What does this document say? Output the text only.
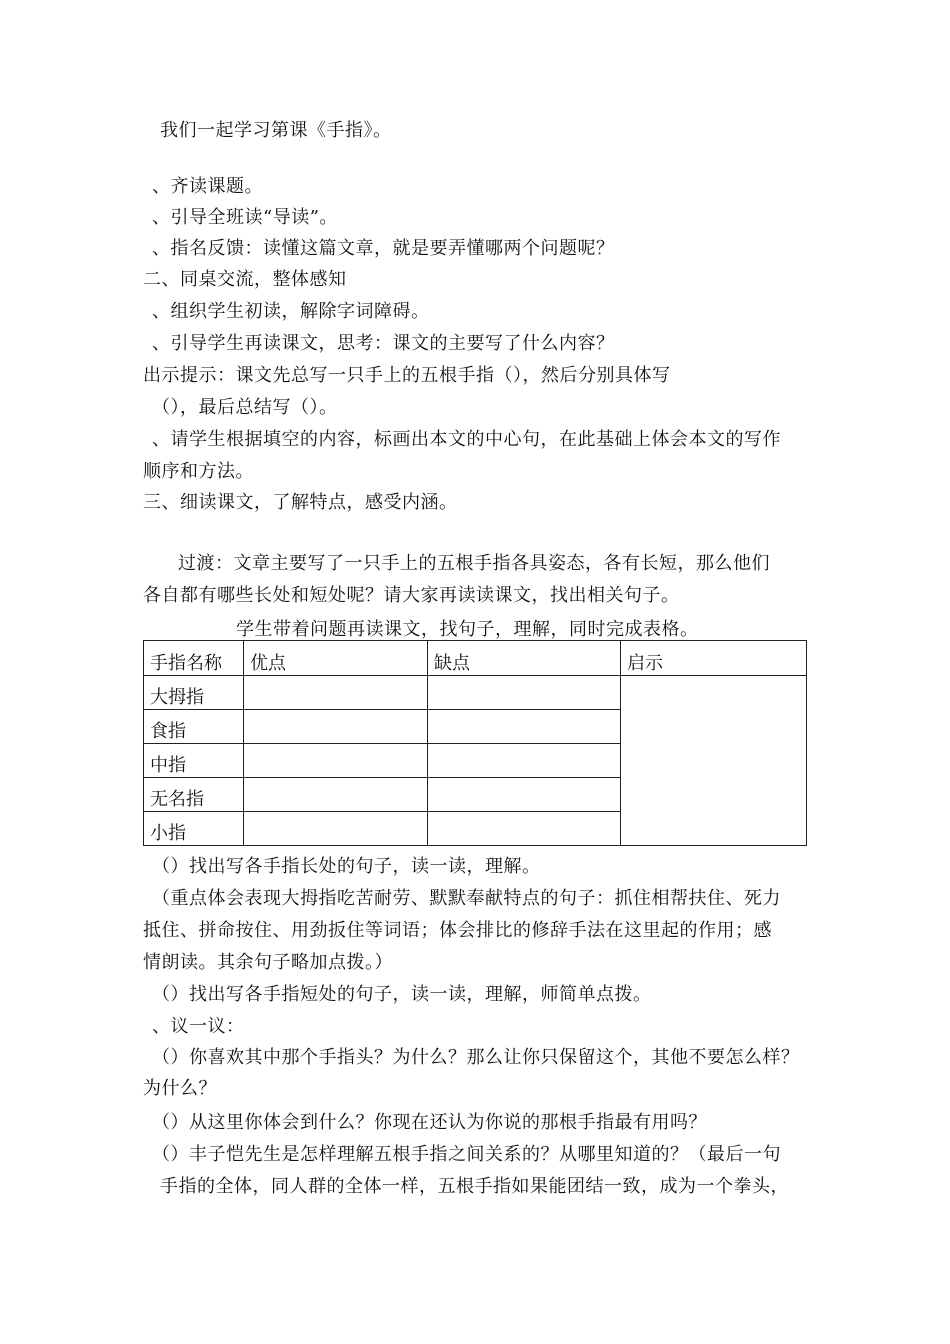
我们一起学习第课《手指》。
、齐读课题。
、引导全班读“导读”。
、指名反馈：读懂这篇文章，就是要弄懂哪两个问题呢？
二、同桌交流，整体感知
、组织学生初读，解除字词障碍。
、引导学生再读课文，思考：课文的主要写了什么内容？
出示提示：课文先总写一只手上的五根手指（），然后分别具体写
（），最后总结写（）。
、请学生根据填空的内容，标画出本文的中心句，在此基础上体会本文的写作
顺序和方法。
三、细读课文，了解特点，感受内涵。
过渡：文章主要写了一只手上的五根手指各具姿态，各有长短，那么他们
各自都有哪些长处和短处呢？请大家再读读课文，找出相关句子。
学生带着问题再读课文，找句子，理解，同时完成表格。
手指名称	优点	缺点	启示
大拇指			
食指			
中指			
无名指			
小指			
（）找出写各手指长处的句子，读一读，理解。
（重点体会表现大拇指吃苦耐劳、默默奉献特点的句子：抓住相帮扶住、死力
抵住、拼命按住、用劲扳住等词语；体会排比的修辞手法在这里起的作用；感
情朗读。其余句子略加点拨。）
（）找出写各手指短处的句子，读一读，理解，师简单点拨。
、议一议：
（）你喜欢其中那个手指头？为什么？那么让你只保留这个，其他不要怎么样？
为什么？
（）从这里你体会到什么？你现在还认为你说的那根手指最有用吗？
（）丰子恺先生是怎样理解五根手指之间关系的？从哪里知道的？（最后一句
手指的全体，同人群的全体一样，五根手指如果能团结一致，成为一个拳头，
